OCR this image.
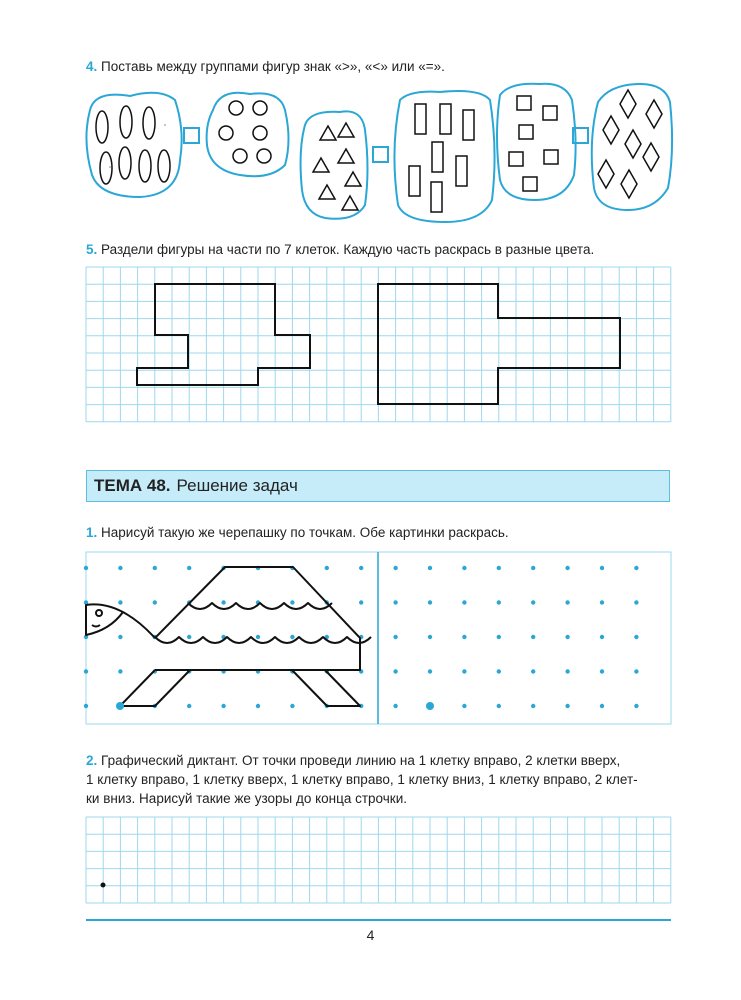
4 . Поставь между группами фигур знак «>», «<» или «=».
5 . Раздели фигуры на части по 7 клеток. Каждую часть раскрась в разные цвета.
ТЕМА 48. Решение задач
1 . Нарисуй такую же черепашку по точкам. Обе картинки раскрась.
2 . Графический диктант. От точки проведи линию на 1 клетку вправо, 2 клетки вверх,
1 клетку вправо, 1 клетку вверх, 1 клетку вправо, 1 клетку вниз, 1 клетку вправо, 2 клет-
ки вниз. Нарисуй такие же узоры до конца строчки.
4
